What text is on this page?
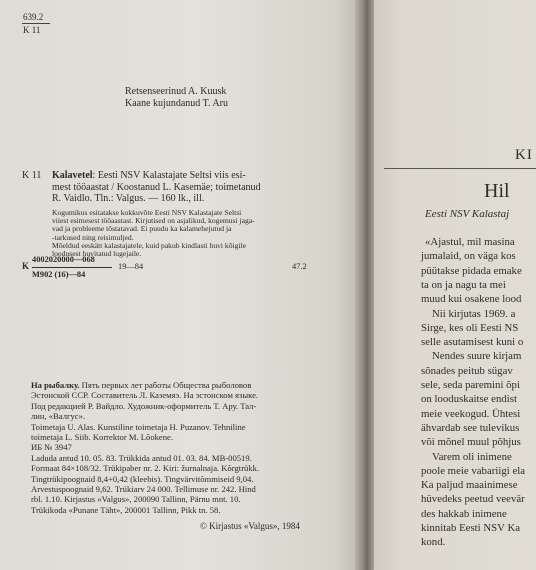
639.2
K 11
Retsenseerinud A. Kuusk
Kaane kujundanud T. Aru
K 11 Kalavetel: Eesti NSV Kalastajate Seltsi viis esi-
mest tööaastat / Koostanud L. Kasemäe; toimetanud
R. Vaidlo. Tln.: Valgus. — 160 lk., ill.
Kogumikus esitatakse kokkuvõte Eesti NSV Kalastajate Seltsi
viiest esimesest tööaastast. Kirjutised on asjalikud, kogemusi jaga-
vad ja probleeme tõstatavad. Ei puudu ka kalamehejutud ja
-tarkused ning reisimuljed.
Mõeldud eeskätt kalastajatele, kuid pakub kindlasti huvi kõigile
loodusest huvitatud lugejaile.
K
4002020000—068
M902 (16)—84
19—84	47.2
На рыбалку. Пять первых лет работы Общества рыболовов
Эстонской ССР. Составитель Л. Каземяэ. На эстонском языке.
Под редакцией Р. Вайдло. Художник-оформитель Т. Ару. Тал-
лин, «Валгус».
Toimetaja U. Alas. Kunstiline toimetaja H. Puzanov. Tehniline
toimetaja L. Siib. Korrektor M. Lõokene.
ИБ № 3947
Laduda antud 10. 05. 83. Trükkida antud 01. 03. 84. MB-00519.
Formaat 84×108/32. Trükipaber nr. 2. Kiri: žurnalnaja. Kõrgtrükk.
Tingtrükipoognaid 8,4+0,42 (kleebis). Tingvärvitõmmiseid 9,04.
Arvestuspoognaid 9,62. Trükiarv 24 000. Tellimuse nr. 242. Hind
rbl. 1.10. Kirjastus «Valgus», 200090 Tallinn, Pärnu mnt. 10.
Trükikoda «Punane Täht», 200001 Tallinn, Pikk tn. 58.
© Kirjastus «Valgus», 1984
KI
Hil
Eesti NSV Kalastaj
«Ajastul, mil masina
jumalaid, on väga kos
püütakse pidada emake
ta on ja nagu ta mei
muud kui osakene lood
Nii kirjutas 1969. a
Sirge, kes oli Eesti NS
selle asutamisest kuni o
Nendes suure kirjam
sõnades peitub sügav
sele, seda paremini õpi
on looduskaitse endist
meie veekogud. Ühtesi
ähvardab see tulevikus
või mõnel muul põhjus
Varem oli inimene
poole meie vabariigi ela
Ka paljud maainimese
hüvedeks peetud veevär
des hakkab inimene
kinnitab Eesti NSV Ka
kond.
